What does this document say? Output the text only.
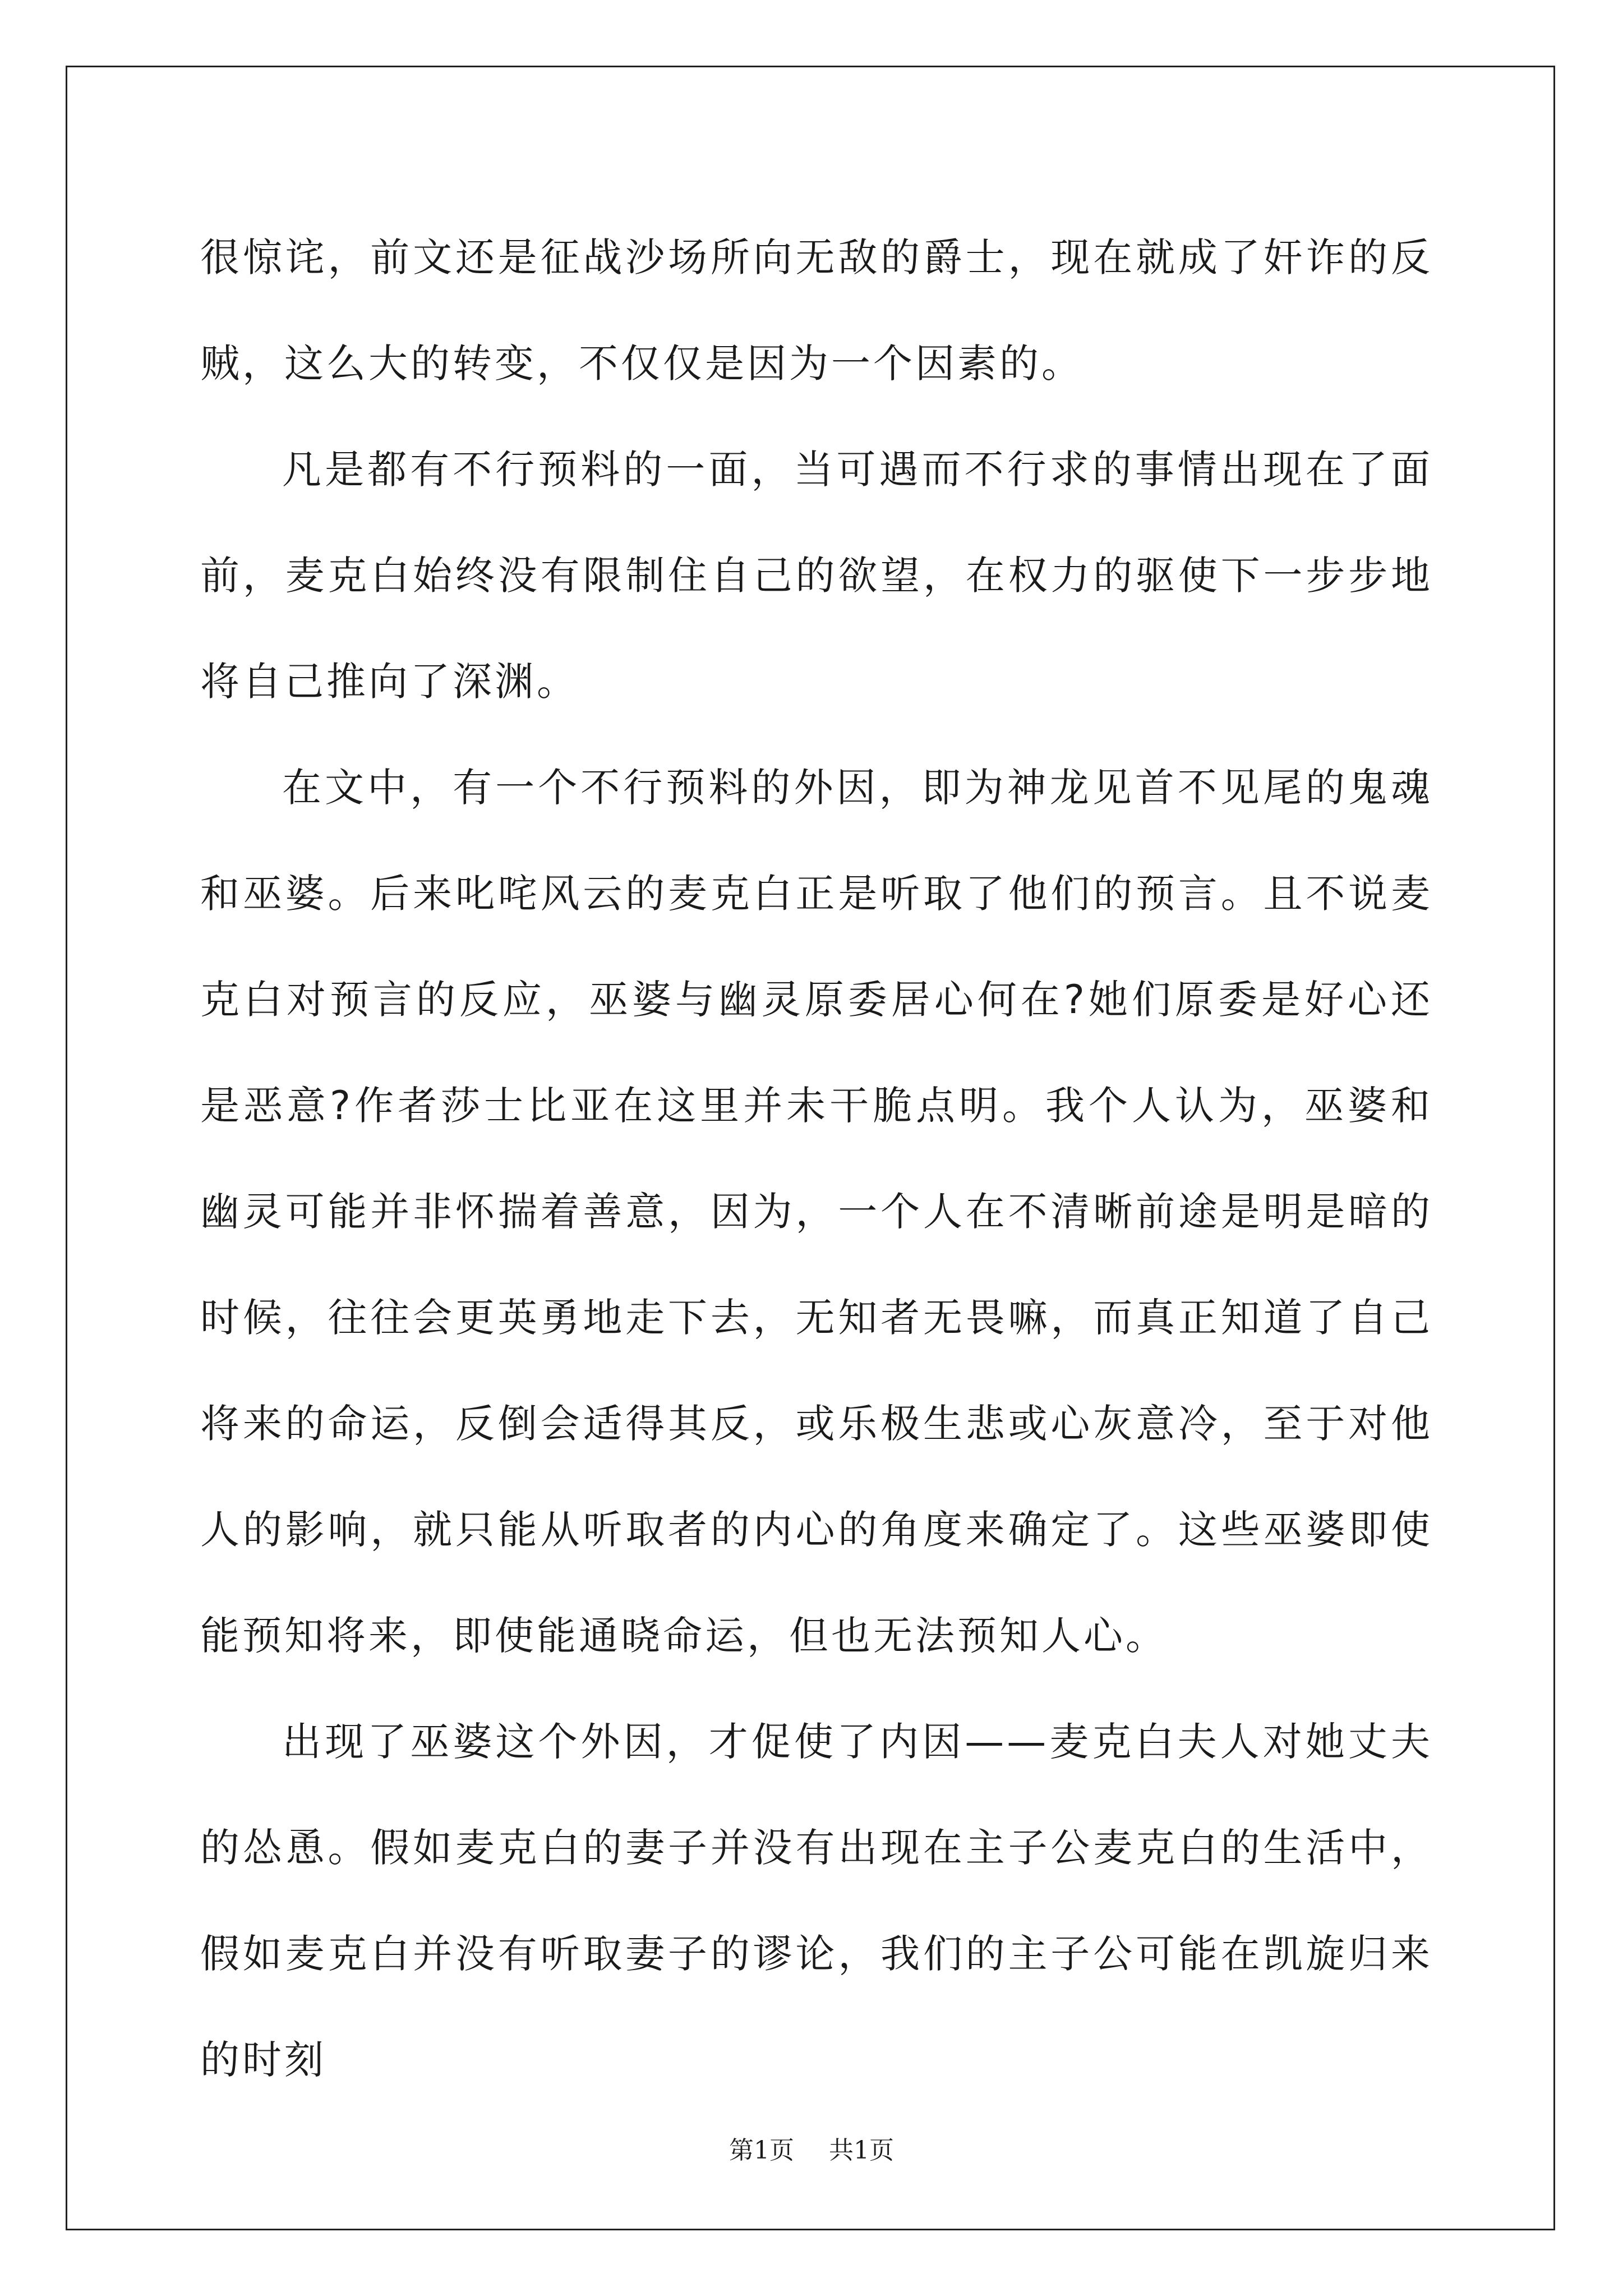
很惊诧，前文还是征战沙场所向无敌的爵士，现在就成了奸诈的反贼，这么大的转变，不仅仅是因为一个因素的。

凡是都有不行预料的一面，当可遇而不行求的事情出现在了面前，麦克白始终没有限制住自己的欲望，在权力的驱使下一步步地将自己推向了深渊。

在文中，有一个不行预料的外因，即为神龙见首不见尾的鬼魂和巫婆。后来叱咤风云的麦克白正是听取了他们的预言。且不说麦克白对预言的反应，巫婆与幽灵原委居心何在?她们原委是好心还是恶意?作者莎士比亚在这里并未干脆点明。我个人认为，巫婆和幽灵可能并非怀揣着善意，因为，一个人在不清晰前途是明是暗的时候，往往会更英勇地走下去，无知者无畏嘛，而真正知道了自己将来的命运，反倒会适得其反，或乐极生悲或心灰意冷，至于对他人的影响，就只能从听取者的内心的角度来确定了。这些巫婆即使能预知将来，即使能通晓命运，但也无法预知人心。

出现了巫婆这个外因，才促使了内因——麦克白夫人对她丈夫的怂恿。假如麦克白的妻子并没有出现在主子公麦克白的生活中，假如麦克白并没有听取妻子的谬论，我们的主子公可能在凯旋归来的时刻

第1页 共1页
